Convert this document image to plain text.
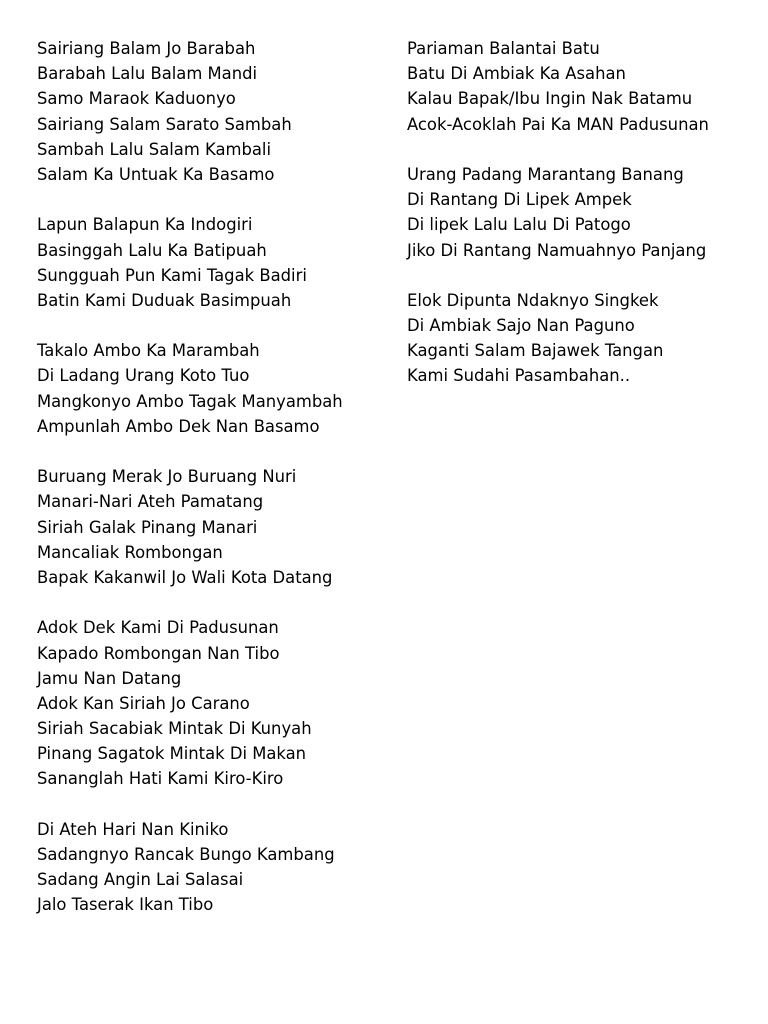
Sairiang Balam Jo Barabah
Barabah Lalu Balam Mandi
Samo Maraok Kaduonyo
Sairiang Salam Sarato Sambah
Sambah Lalu Salam Kambali
Salam Ka Untuak Ka Basamo
Lapun Balapun Ka Indogiri
Basinggah Lalu Ka Batipuah
Sungguah Pun Kami Tagak Badiri
Batin Kami Duduak Basimpuah
Takalo Ambo Ka Marambah
Di Ladang Urang Koto Tuo
Mangkonyo Ambo Tagak Manyambah
Ampunlah Ambo Dek Nan Basamo
Buruang Merak Jo Buruang Nuri
Manari-Nari Ateh Pamatang
Siriah Galak Pinang Manari
Mancaliak Rombongan
Bapak Kakanwil Jo Wali Kota Datang
Adok Dek Kami Di Padusunan
Kapado Rombongan Nan Tibo
Jamu Nan Datang
Adok Kan Siriah Jo Carano
Siriah Sacabiak Mintak Di Kunyah
Pinang Sagatok Mintak Di Makan
Sananglah Hati Kami Kiro-Kiro
Di Ateh Hari Nan Kiniko
Sadangnyo Rancak Bungo Kambang
Sadang Angin Lai Salasai
Jalo Taserak Ikan Tibo
Pariaman Balantai Batu
Batu Di Ambiak Ka Asahan
Kalau Bapak/Ibu Ingin Nak Batamu
Acok-Acoklah Pai Ka MAN Padusunan
Urang Padang Marantang Banang
Di Rantang Di Lipek Ampek
Di lipek Lalu Lalu Di Patogo
Jiko Di Rantang Namuahnyo Panjang
Elok Dipunta Ndaknyo Singkek
Di Ambiak Sajo Nan Paguno
Kaganti Salam Bajawek Tangan
Kami Sudahi Pasambahan..
